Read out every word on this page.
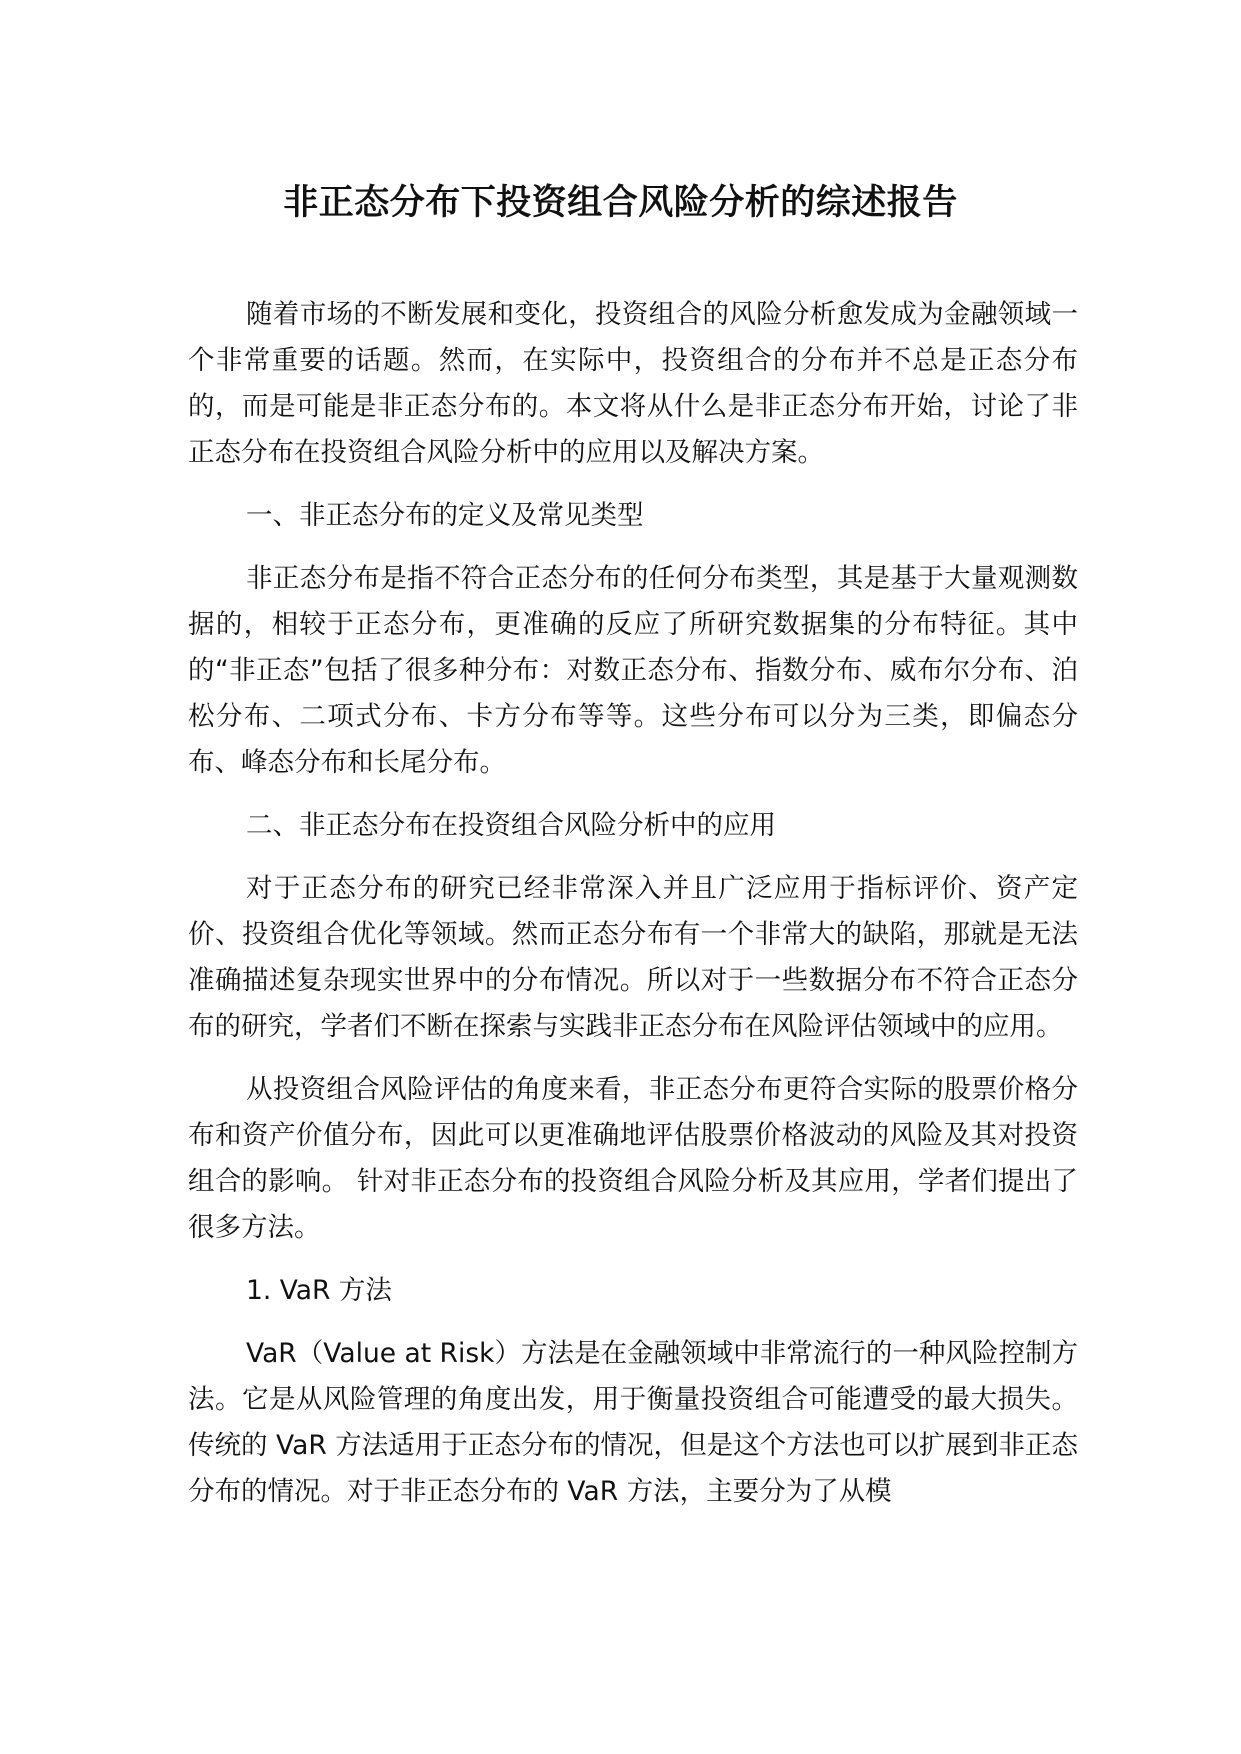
非正态分布下投资组合风险分析的综述报告

随着市场的不断发展和变化，投资组合的风险分析愈发成为金融领域一个非常重要的话题。然而，在实际中，投资组合的分布并不总是正态分布的，而是可能是非正态分布的。本文将从什么是非正态分布开始，讨论了非正态分布在投资组合风险分析中的应用以及解决方案。

一、非正态分布的定义及常见类型

非正态分布是指不符合正态分布的任何分布类型，其是基于大量观测数据的，相较于正态分布，更准确的反应了所研究数据集的分布特征。其中的“非正态”包括了很多种分布：对数正态分布、指数分布、威布尔分布、泊松分布、二项式分布、卡方分布等等。这些分布可以分为三类，即偏态分布、峰态分布和长尾分布。

二、非正态分布在投资组合风险分析中的应用

对于正态分布的研究已经非常深入并且广泛应用于指标评价、资产定价、投资组合优化等领域。然而正态分布有一个非常大的缺陷，那就是无法准确描述复杂现实世界中的分布情况。所以对于一些数据分布不符合正态分布的研究，学者们不断在探索与实践非正态分布在风险评估领域中的应用。

从投资组合风险评估的角度来看，非正态分布更符合实际的股票价格分布和资产价值分布，因此可以更准确地评估股票价格波动的风险及其对投资组合的影响。 针对非正态分布的投资组合风险分析及其应用，学者们提出了很多方法。

1. VaR 方法

VaR（Value at Risk）方法是在金融领域中非常流行的一种风险控制方法。它是从风险管理的角度出发，用于衡量投资组合可能遭受的最大损失。传统的 VaR 方法适用于正态分布的情况，但是这个方法也可以扩展到非正态分布的情况。对于非正态分布的 VaR 方法，主要分为了从模
